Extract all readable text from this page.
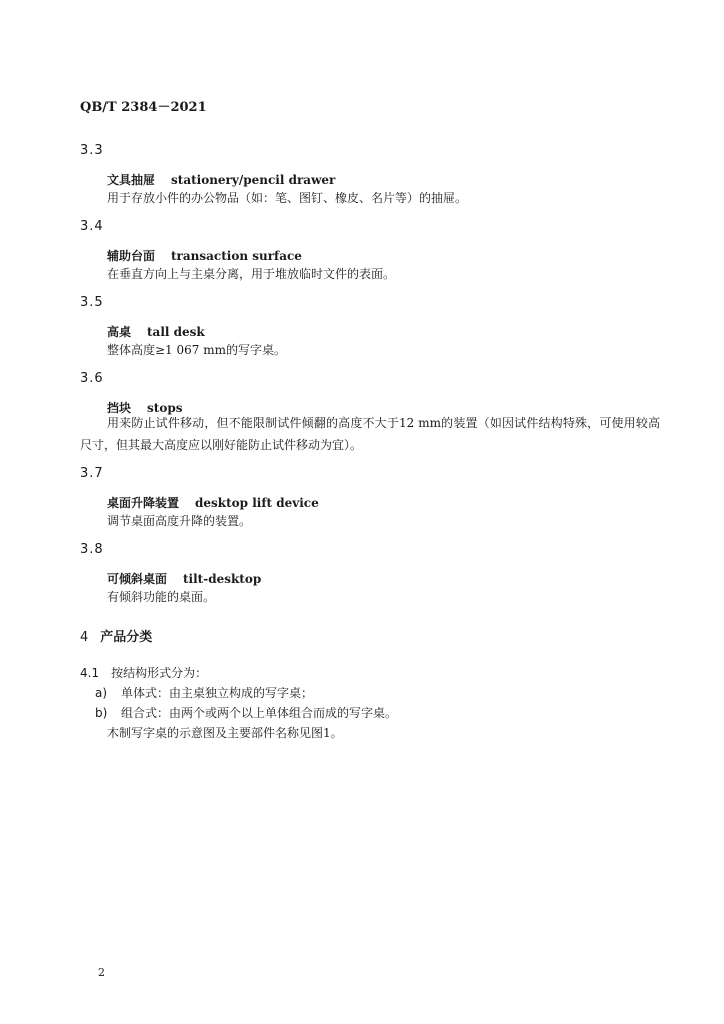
QB/T 2384－2021
3.3
文具抽屉 stationery/pencil drawer
用于存放小件的办公物品（如：笔、图钉、橡皮、名片等）的抽屉。
3.4
辅助台面 transaction surface
在垂直方向上与主桌分离，用于堆放临时文件的表面。
3.5
高桌 tall desk
整体高度≥1 067 mm的写字桌。
3.6
挡块 stops
用来防止试件移动，但不能限制试件倾翻的高度不大于12 mm的装置（如因试件结构特殊，可使用较高尺寸，但其最大高度应以刚好能防止试件移动为宜）。
3.7
桌面升降装置 desktop lift device
调节桌面高度升降的装置。
3.8
可倾斜桌面 tilt-desktop
有倾斜功能的桌面。
4 产品分类
4.1 按结构形式分为：
a) 单体式：由主桌独立构成的写字桌；
b) 组合式：由两个或两个以上单体组合而成的写字桌。
木制写字桌的示意图及主要部件名称见图1。
2
